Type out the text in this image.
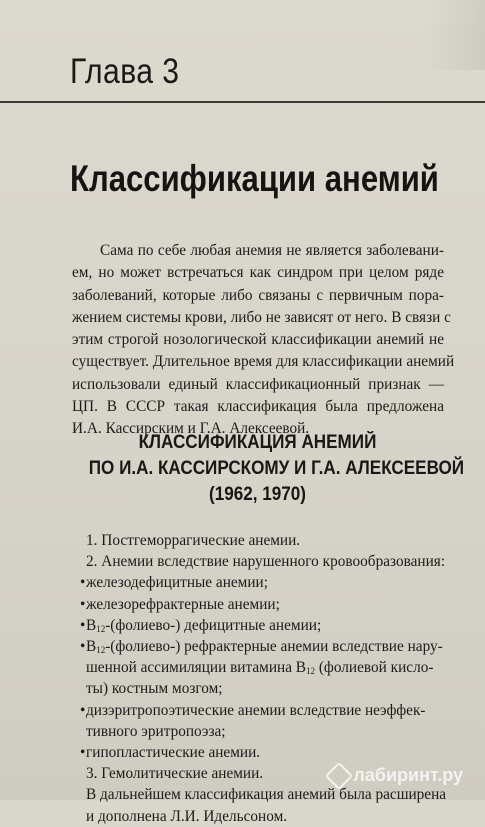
Глава 3
Классификации анемий
Сама по себе любая анемия не является заболевани-
ем, но может встречаться как синдром при целом ряде
заболеваний, которые либо связаны с первичным пора-
жением системы крови, либо не зависят от него. В связи с
этим строгой нозологической классификации анемий не
существует. Длительное время для классификации анемий
использовали единый классификационный признак —
ЦП. В СССР такая классификация была предложена
И.А. Кассирским и Г.А. Алексеевой.
КЛАССИФИКАЦИЯ АНЕМИЙ
ПО И.А. КАССИРСКОМУ И Г.А. АЛЕКСЕЕВОЙ
(1962, 1970)
1. Постгеморрагические анемии.
2. Анемии вследствие нарушенного кровообразования:
• железодефицитные анемии;
• железорефрактерные анемии;
• $В_{12}-(фолиево-)$ дефицитные анемии;
• $В_{12}-(фолиево-)$ рефрактерные анемии вследствие нару-
шенной ассимиляции витамина $В_{12}$ (фолиевой кисло-
ты) костным мозгом;
• дизэритропоэтические анемии вследствие неэффек-
тивного эритропоэза;
• гипопластические анемии.
3. Гемолитические анемии.
В дальнейшем классификация анемий была расширена
и дополнена Л.И. Идельсоном.
лабиринт.ру
